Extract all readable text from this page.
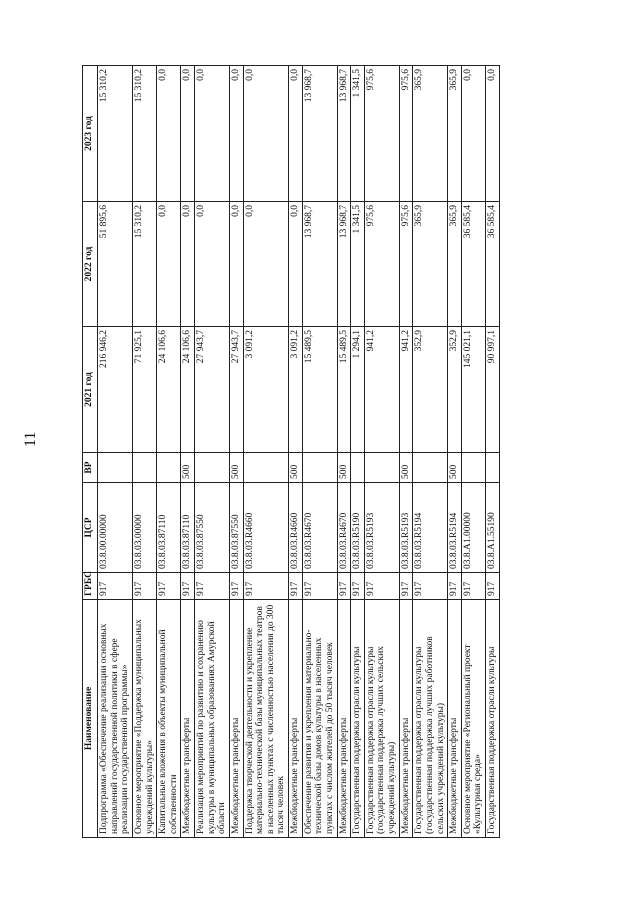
11
Наименование	ГРБС	ЦСР	ВР	2021 год	2022 год	2023 год
Подпрограмма «Обеспечение реализации основных направлений государственной политики в сфере реализации государственной программы»	917	03.8.00.00000		216 946,2	51 895,6	15 310,2
Основное мероприятие «Поддержка муниципальных учреждений культуры»	917	03.8.03.00000		71 925,1	15 310,2	15 310,2
Капитальные вложения в объекты муниципальной собственности	917	03.8.03.87110		24 106,6	0,0	0,0
Межбюджетные трансферты	917	03.8.03.87110	500	24 106,6	0,0	0,0
Реализация мероприятий по развитию и сохранению культуры в муниципальных образованиях Амурской области	917	03.8.03.87550		27 943,7	0,0	0,0
Межбюджетные трансферты	917	03.8.03.87550	500	27 943,7	0,0	0,0
Поддержка творческой деятельности и укрепление материально-технической базы муниципальных театров в населенных пунктах с численностью населения до 300 тысяч человек	917	03.8.03.R4660		3 091,2	0,0	0,0
Межбюджетные трансферты	917	03.8.03.R4660	500	3 091,2	0,0	0,0
Обеспечение развития и укрепления материально-технической базы домов культуры в населенных пунктах с числом жителей до 50 тысяч человек	917	03.8.03.R4670		15 489,5	13 968,7	13 968,7
Межбюджетные трансферты	917	03.8.03.R4670	500	15 489,5	13 968,7	13 968,7
Государственная поддержка отрасли культуры	917	03.8.03.R5190		1 294,1	1 341,5	1 341,5
Государственная поддержка отрасли культуры (государственная поддержка лучших сельских учреждений культуры)	917	03.8.03.R5193		941,2	975,6	975,6
Межбюджетные трансферты	917	03.8.03.R5193	500	941,2	975,6	975,6
Государственная поддержка отрасли культуры (государственная поддержка лучших работников сельских учреждений культуры)	917	03.8.03.R5194		352,9	365,9	365,9
Межбюджетные трансферты	917	03.8.03.R5194	500	352,9	365,9	365,9
Основное мероприятие «Региональный проект «Культурная среда»	917	03.8.A1.00000		145 021,1	36 585,4	0,0
Государственная поддержка отрасли культуры	917	03.8.A1.55190		90 997,1	36 585,4	0,0
